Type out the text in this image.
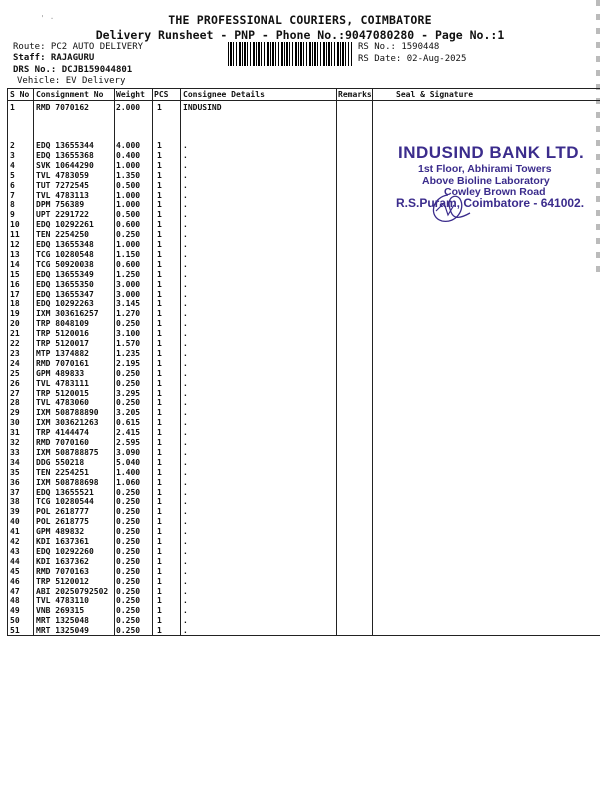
' ·	THE PROFESSIONAL COURIERS, COIMBATORE
Delivery Runsheet - PNP - Phone No.:9047080280 - Page No.:1
Route: PC2 AUTO DELIVERY
Staff: RAJAGURU
DRS No.: DCJB159044801
Vehicle: EV Delivery
RS No.: 1590448
RS Date: 02-Aug-2025
S No Consignment No Weight PCS Consignee Details	Remarks	Seal & Signature
1	RMD 7070162	2.000 1	INDUSIND
2	EDQ 13655344	4.000 1	.
3	EDQ 13655368	0.400 1	.
4	SVK 10644290	1.000 1	.
5	TVL 4783059	1.350 1	.
6	TUT 7272545	0.500 1	.
7	TVL 4783113	1.000 1	.
8	DPM 756389	1.000 1	.
9	UPT 2291722	0.500 1	.
10 EDQ 10292261	0.600 1	.
11 TEN 2254250	0.250 1	.
12 EDQ 13655348	1.000 1	.
13 TCG 10280548	1.150 1	.
14 TCG 50920038	0.600 1	.
15 EDQ 13655349	1.250 1	.
16 EDQ 13655350	3.000 1	.
17 EDQ 13655347	3.000 1	.
18 EDQ 10292263	3.145 1	.
19 IXM 303616257 1.270 1	.
20 TRP 8048109	0.250 1	.
21 TRP 5120016	3.100 1	.
22 TRP 5120017	1.570 1	.
23 MTP 1374882	1.235 1	.
24 RMD 7070161	2.195 1	.
25 GPM 489833	0.250 1	.
26 TVL 4783111	0.250 1	.
27 TRP 5120015	3.295 1	.
28 TVL 4783060	0.250 1	.
29 IXM 508788890 3.205 1	.
30 IXM 303621263 0.615 1	.
31 TRP 4144474	2.415 1	.
32 RMD 7070160	2.595 1	.
33 IXM 508788875 3.090 1	.
34 DDG 550218	5.040 1	.
35 TEN 2254251	1.400 1	.
36 IXM 508788698 1.060 1	.
37 EDQ 13655521	0.250 1	.
38 TCG 10280544	0.250 1	.
39 POL 2618777	0.250 1	.
40 POL 2618775	0.250 1	.
41 GPM 489832	0.250 1	.
42 KDI 1637361	0.250 1	.
43 EDQ 10292260	0.250 1	.
44 KDI 1637362	0.250 1	.
45 RMD 7070163	0.250 1	.
46 TRP 5120012	0.250 1	.
47 ABI 20250792502 0.250 1	.
48 TVL 4783110	0.250 1	.
49 VNB 269315	0.250 1	.
50 MRT 1325048	0.250 1	.
51 MRT 1325049	0.250 1	.
INDUSIND BANK LTD.
1st Floor, Abhirami Towers
Above Bioline Laboratory
Cowley Brown Road
R.S.Puram, Coimbatore - 641002.
